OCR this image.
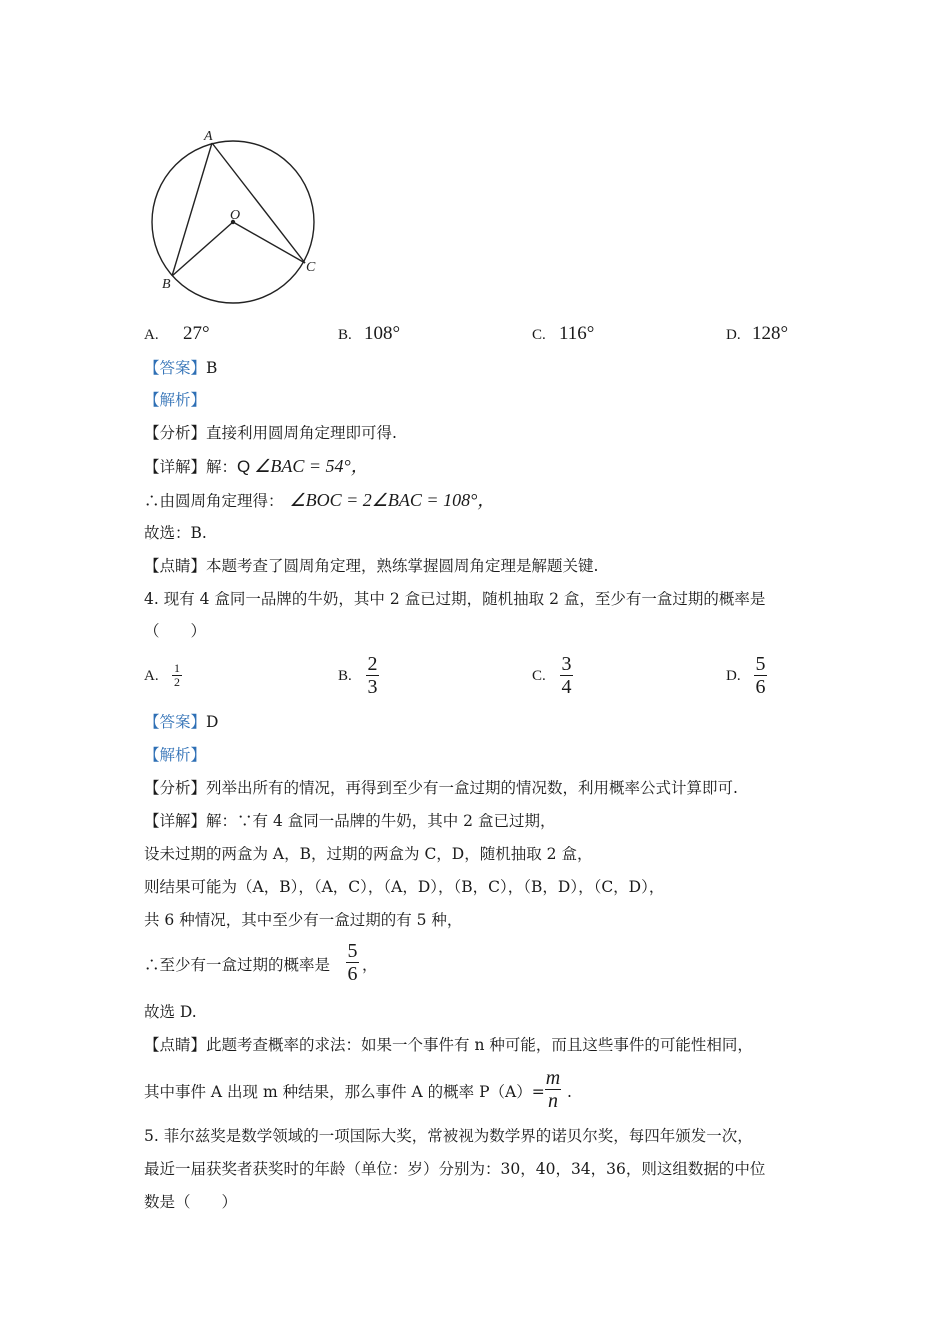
A
O
B
C
A. 27°	B. 108°	C. 116°	D. 128°
【答案】B
【解析】
【分析】直接利用圆周角定理即可得.
【详解】解：Q ∠BAC = 54°，
∴由圆周角定理得： ∠BOC = 2∠BAC = 108°，
故选：B.
【点睛】本题考查了圆周角定理，熟练掌握圆周角定理是解题关键.
4. 现有 4 盒同一品牌的牛奶，其中 2 盒已过期，随机抽取 2 盒，至少有一盒过期的概率是
（　　）
A. 1
2	B.
2
3	C.
3
4	D.
5
6
【答案】D
【解析】
【分析】列举出所有的情况，再得到至少有一盒过期的情况数，利用概率公式计算即可.
【详解】解：∵有 4 盒同一品牌的牛奶，其中 2 盒已过期，
设未过期的两盒为 A，B，过期的两盒为 C，D，随机抽取 2 盒，
则结果可能为（A，B），（A，C），（A，D），（B，C），（B，D），（C，D），
共 6 种情况，其中至少有一盒过期的有 5 种，
∴至少有一盒过期的概率是
5
6 ，
故选 D.
【点睛】此题考查概率的求法：如果一个事件有 n 种可能，而且这些事件的可能性相同，
其中事件 A 出现 m 种结果，那么事件 A 的概率 P（A）=
m
n .
5. 菲尔兹奖是数学领域的一项国际大奖，常被视为数学界的诺贝尔奖，每四年颁发一次，
最近一届获奖者获奖时的年龄（单位：岁）分别为：30，40，34，36，则这组数据的中位
数是（　　）
